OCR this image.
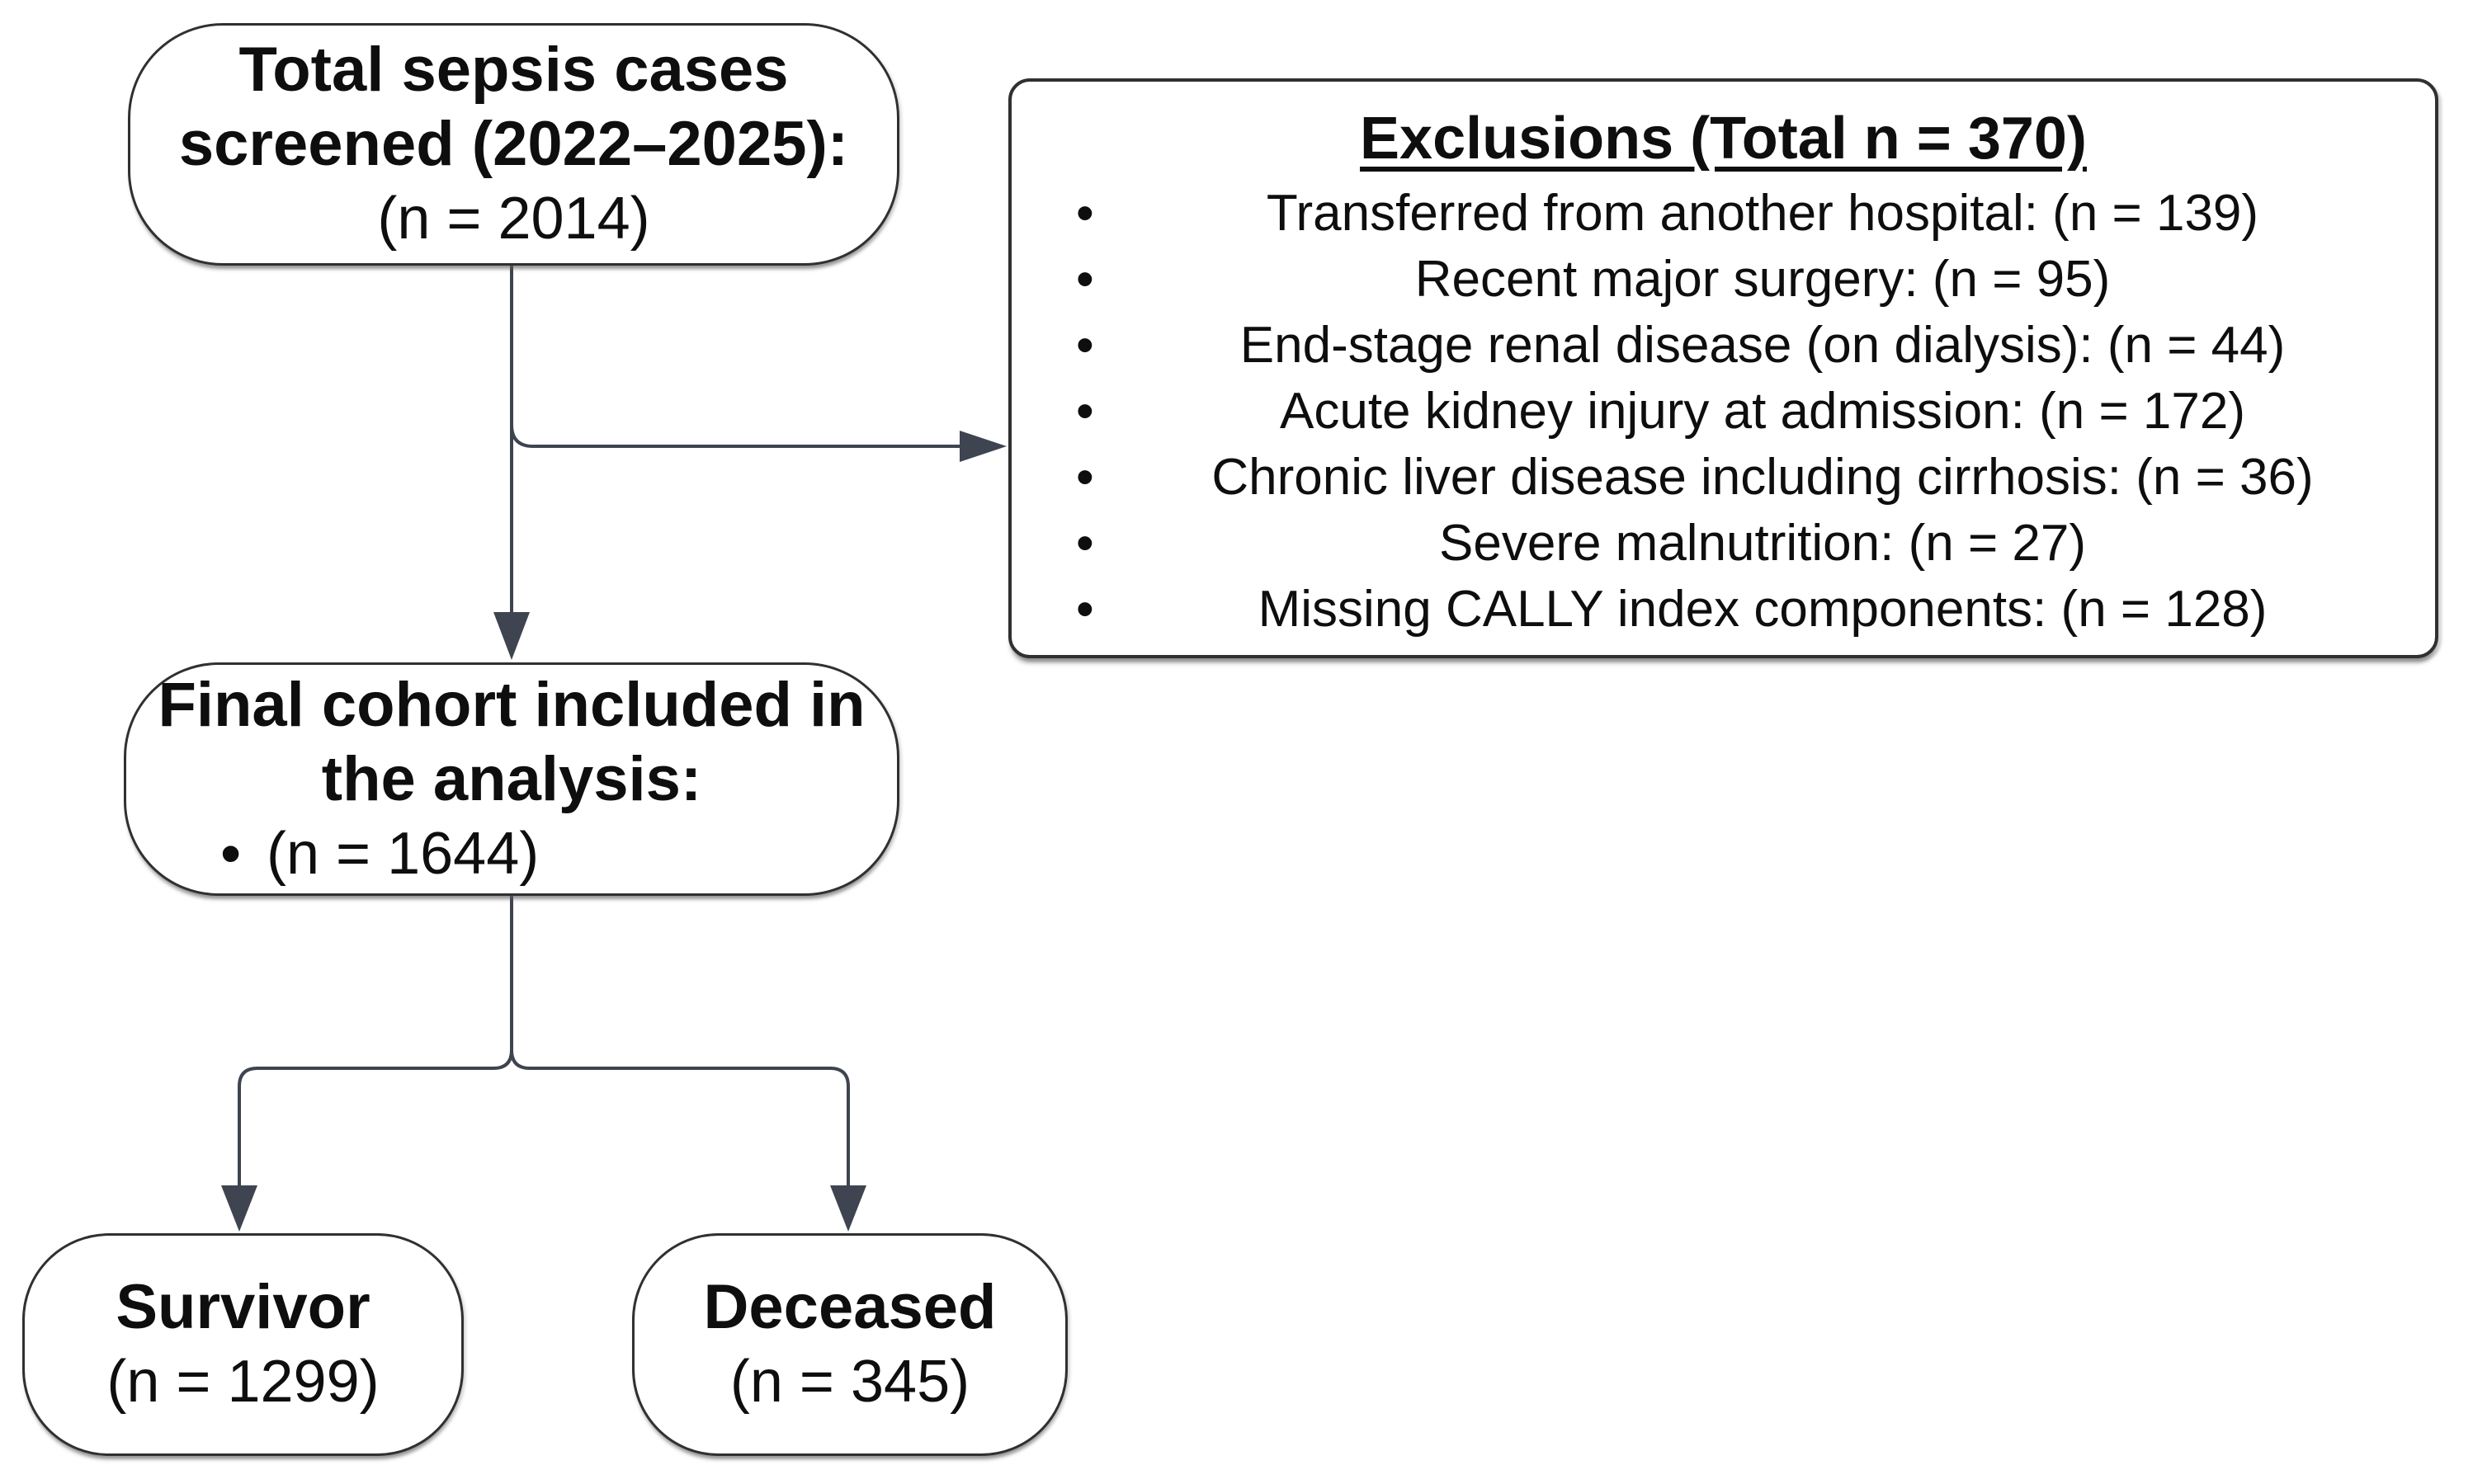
Total sepsis cases
screened (2022–2025):
(n = 2014)
Exclusions (Total n = 370)
• Transferred from another hospital: (n = 139)
• Recent major surgery: (n = 95)
• End-stage renal disease (on dialysis): (n = 44)
• Acute kidney injury at admission: (n = 172)
• Chronic liver disease including cirrhosis: (n = 36)
• Severe malnutrition: (n = 27)
• Missing CALLY index components: (n = 128)
Final cohort included in
the analysis:
• (n = 1644)
Survivor
(n = 1299)
Deceased
(n = 345)
